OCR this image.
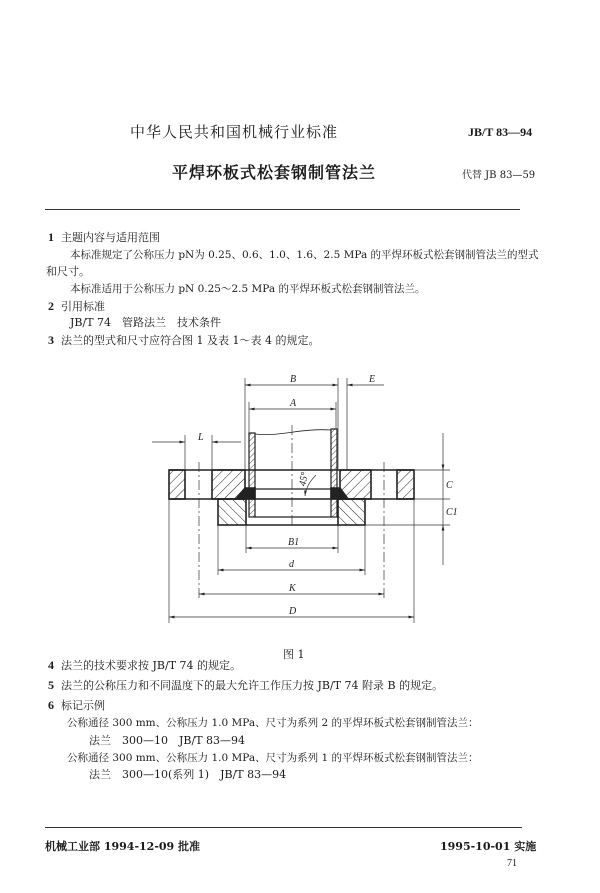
中华人民共和国机械行业标准	JB/T 83—94
平焊环板式松套钢制管法兰	代替 JB 83—59
1 主题内容与适用范围
本标准规定了公称压力 pN为 0.25、0.6、1.0、1.6、2.5 MPa 的平焊环板式松套钢制管法兰的型式
和尺寸。
本标准适用于公称压力 pN 0.25～2.5 MPa 的平焊环板式松套钢制管法兰。
2 引用标准
JB/T 74　管路法兰　技术条件
3 法兰的型式和尺寸应符合图 1 及表 1～表 4 的规定。
B	E
A
L
C
C1
45°
B1
d
K
D
图 1
4 法兰的技术要求按 JB/T 74 的规定。
5 法兰的公称压力和不同温度下的最大允许工作压力按 JB/T 74 附录 B 的规定。
6 标记示例
公称通径 300 mm、公称压力 1.0 MPa、尺寸为系列 2 的平焊环板式松套钢制管法兰：
法兰　300—10　JB/T 83—94
公称通径 300 mm、公称压力 1.0 MPa、尺寸为系列 1 的平焊环板式松套钢制管法兰：
法兰　300—10(系列 1)　JB/T 83—94
机械工业部 1994-12-09 批准	1995-10-01 实施
71
